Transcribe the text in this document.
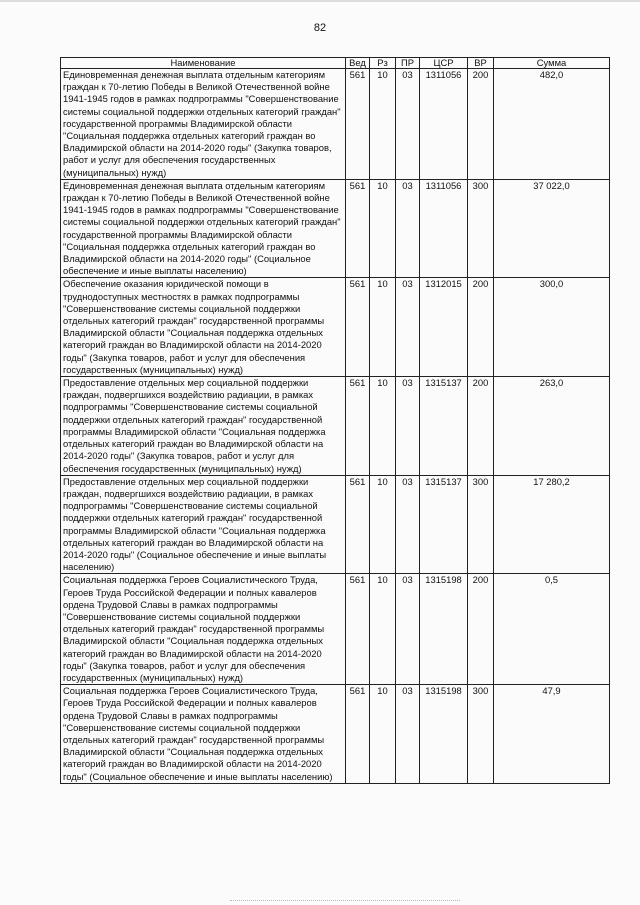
82
Наименование	Вед	Рз	ПР	ЦСР	ВР	Сумма
Единовременная денежная выплата отдельным категориям граждан к 70-летию Победы в Великой Отечественной войне 1941-1945 годов в рамках подпрограммы "Совершенствование системы социальной поддержки отдельных категорий граждан" государственной программы Владимирской области "Социальная поддержка отдельных категорий граждан во Владимирской области на 2014-2020 годы" (Закупка товаров, работ и услуг для обеспечения государственных (муниципальных) нужд)	561	10	03	1311056	200	482,0
Единовременная денежная выплата отдельным категориям граждан к 70-летию Победы в Великой Отечественной войне 1941-1945 годов в рамках подпрограммы "Совершенствование системы социальной поддержки отдельных категорий граждан" государственной программы Владимирской области "Социальная поддержка отдельных категорий граждан во Владимирской области на 2014-2020 годы" (Социальное обеспечение и иные выплаты населению)	561	10	03	1311056	300	37 022,0
Обеспечение оказания юридической помощи в труднодоступных местностях в рамках подпрограммы "Совершенствование системы социальной поддержки отдельных категорий граждан" государственной программы Владимирской области "Социальная поддержка отдельных категорий граждан во Владимирской области на 2014-2020 годы" (Закупка товаров, работ и услуг для обеспечения государственных (муниципальных) нужд)	561	10	03	1312015	200	300,0
Предоставление отдельных мер социальной поддержки граждан, подвергшихся воздействию радиации, в рамках подпрограммы "Совершенствование системы социальной поддержки отдельных категорий граждан" государственной программы Владимирской области "Социальная поддержка отдельных категорий граждан во Владимирской области на 2014-2020 годы" (Закупка товаров, работ и услуг для обеспечения государственных (муниципальных) нужд)	561	10	03	1315137	200	263,0
Предоставление отдельных мер социальной поддержки граждан, подвергшихся воздействию радиации, в рамках подпрограммы "Совершенствование системы социальной поддержки отдельных категорий граждан" государственной программы Владимирской области "Социальная поддержка отдельных категорий граждан во Владимирской области на 2014-2020 годы" (Социальное обеспечение и иные выплаты населению)	561	10	03	1315137	300	17 280,2
Социальная поддержка Героев Социалистического Труда, Героев Труда Российской Федерации и полных кавалеров ордена Трудовой Славы в рамках подпрограммы "Совершенствование системы социальной поддержки отдельных категорий граждан" государственной программы Владимирской области "Социальная поддержка отдельных категорий граждан во Владимирской области на 2014-2020 годы" (Закупка товаров, работ и услуг для обеспечения государственных (муниципальных) нужд)	561	10	03	1315198	200	0,5
Социальная поддержка Героев Социалистического Труда, Героев Труда Российской Федерации и полных кавалеров ордена Трудовой Славы в рамках подпрограммы "Совершенствование системы социальной поддержки отдельных категорий граждан" государственной программы Владимирской области "Социальная поддержка отдельных категорий граждан во Владимирской области на 2014-2020 годы" (Социальное обеспечение и иные выплаты населению)	561	10	03	1315198	300	47,9
